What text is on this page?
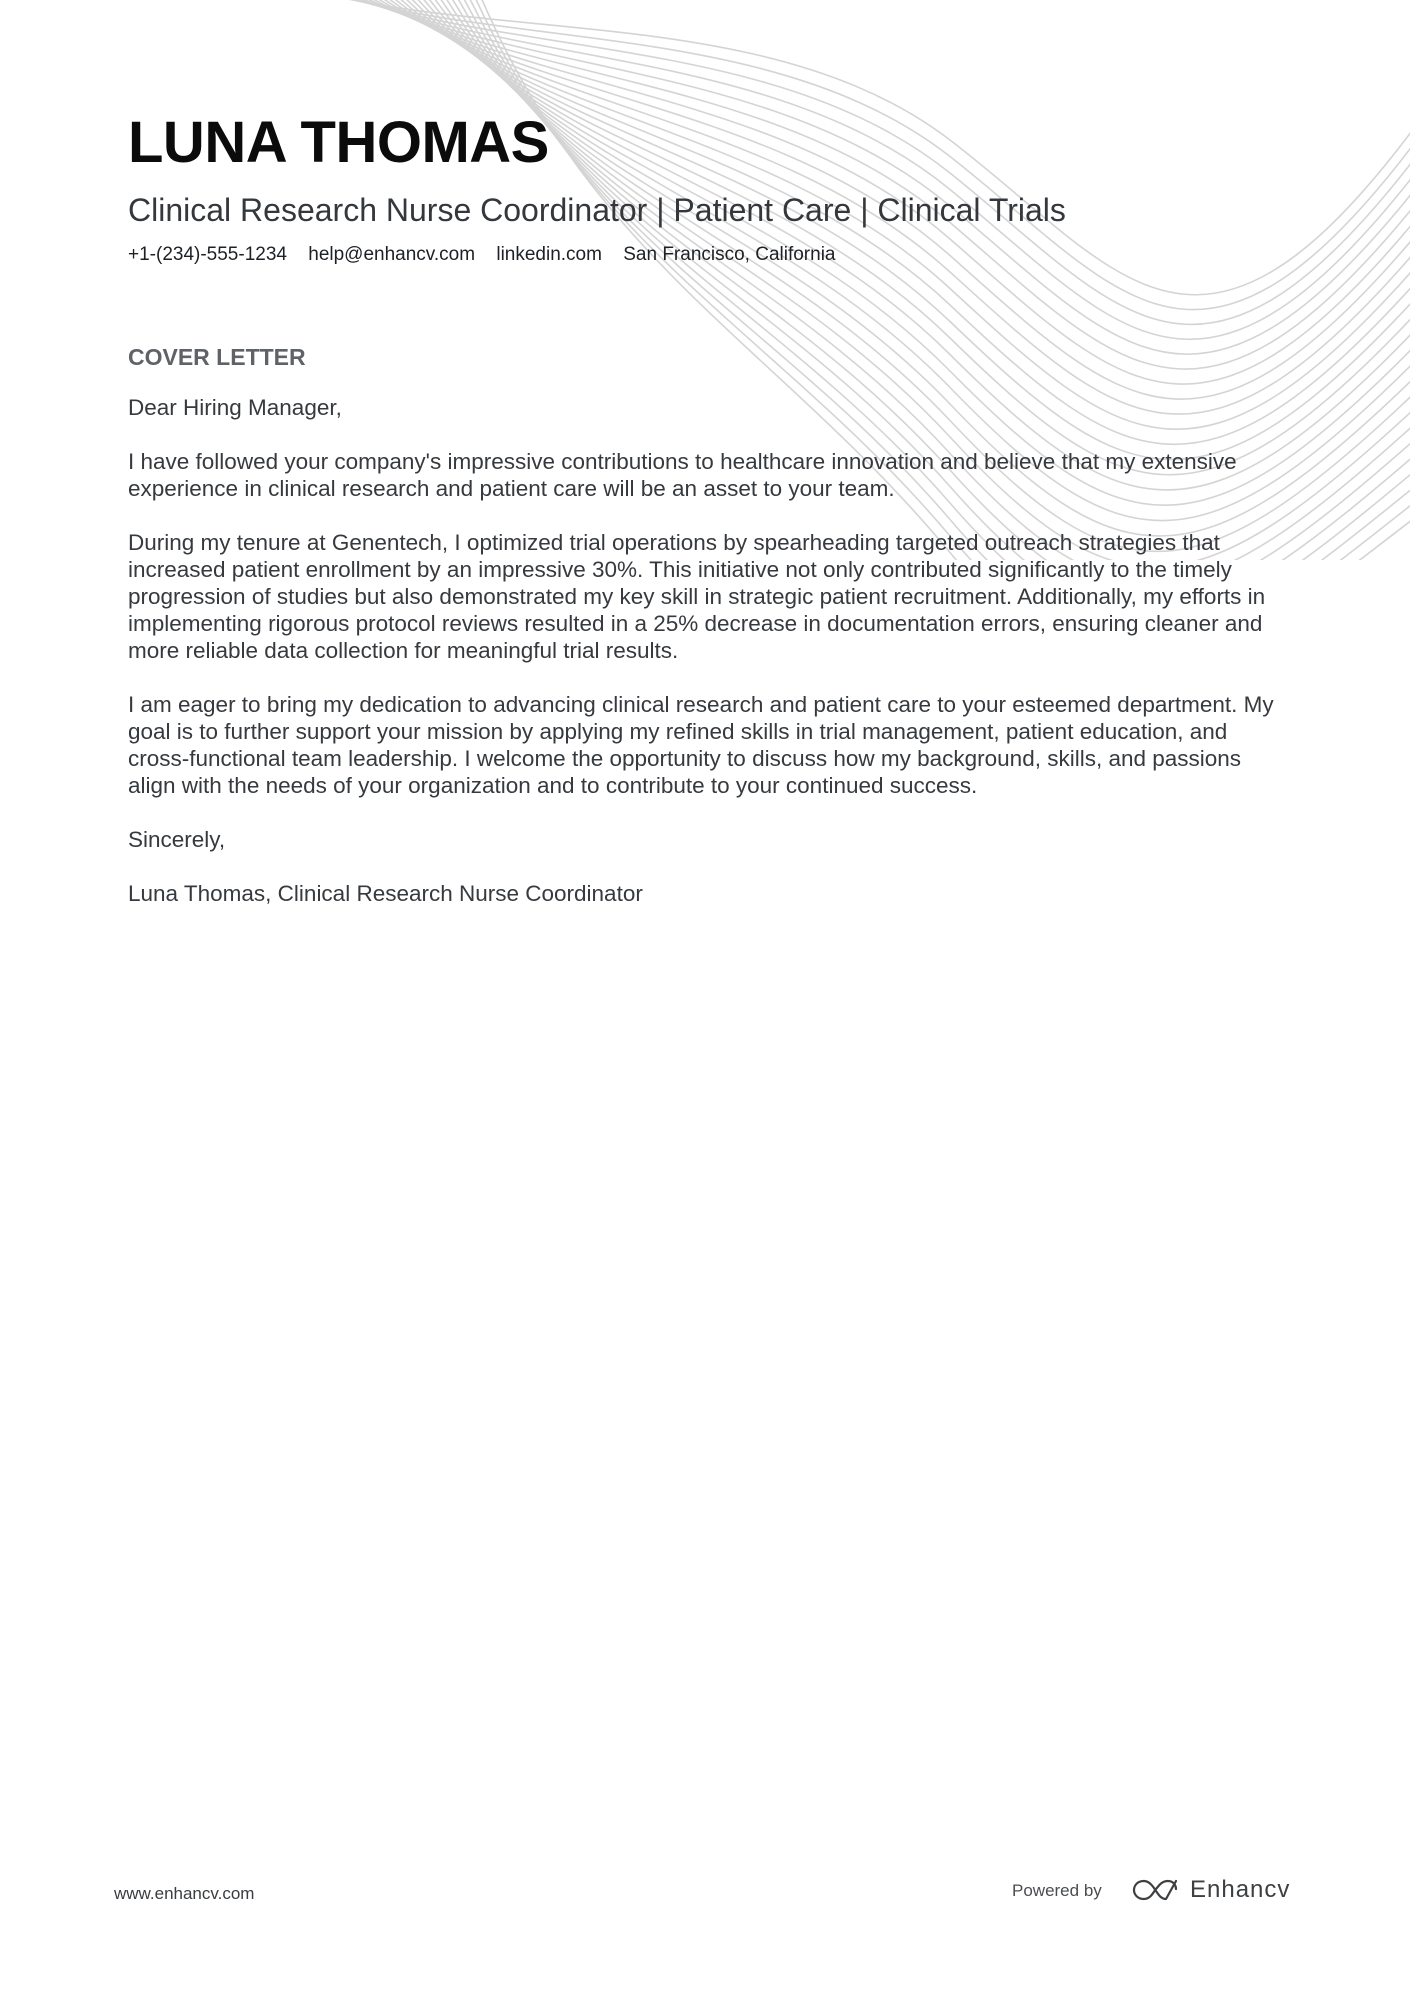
LUNA THOMAS
Clinical Research Nurse Coordinator | Patient Care | Clinical Trials
+1-(234)-555-1234 help@enhancv.com linkedin.com San Francisco, California
COVER LETTER

Dear Hiring Manager,

I have followed your company's impressive contributions to healthcare innovation and believe that my extensive experience in clinical research and patient care will be an asset to your team.

During my tenure at Genentech, I optimized trial operations by spearheading targeted outreach strategies that increased patient enrollment by an impressive 30%. This initiative not only contributed significantly to the timely progression of studies but also demonstrated my key skill in strategic patient recruitment. Additionally, my efforts in implementing rigorous protocol reviews resulted in a 25% decrease in documentation errors, ensuring cleaner and more reliable data collection for meaningful trial results.

I am eager to bring my dedication to advancing clinical research and patient care to your esteemed department. My goal is to further support your mission by applying my refined skills in trial management, patient education, and cross-functional team leadership. I welcome the opportunity to discuss how my background, skills, and passions align with the needs of your organization and to contribute to your continued success.

Sincerely,

Luna Thomas, Clinical Research Nurse Coordinator

www.enhancv.com	Powered by	Enhancv
